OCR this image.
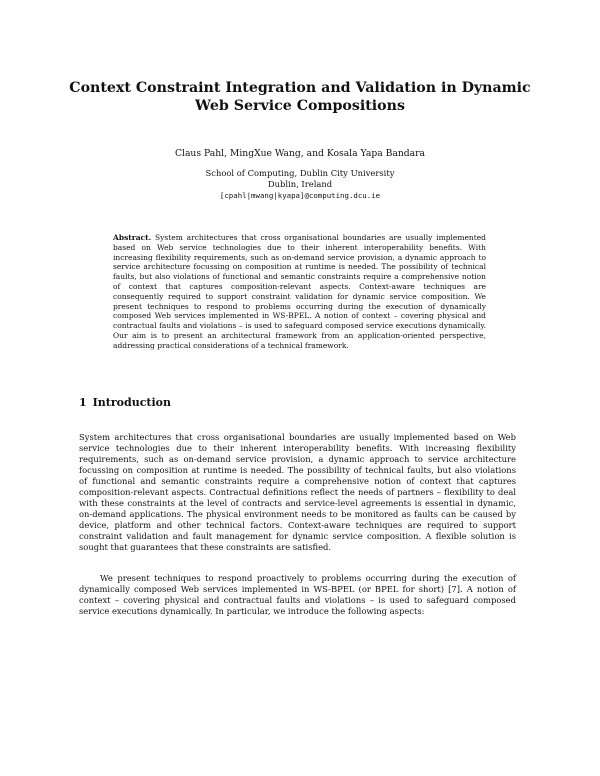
Context Constraint Integration and Validation in Dynamic Web Service Compositions
Claus Pahl, MingXue Wang, and Kosala Yapa Bandara
School of Computing, Dublin City University
Dublin, Ireland
[cpahl|mwang|kyapa]@computing.dcu.ie
Abstract. System architectures that cross organisational boundaries are usually implemented based on Web service technologies due to their inherent interoperability benefits. With increasing flexibility requirements, such as on-demand service provision, a dynamic approach to service architecture focussing on composition at runtime is needed. The possibility of technical faults, but also violations of functional and semantic constraints require a comprehensive notion of context that captures composition-relevant aspects. Context-aware techniques are consequently required to support constraint validation for dynamic service composition. We present techniques to respond to problems occurring during the execution of dynamically composed Web services implemented in WS-BPEL. A notion of context – covering physical and contractual faults and violations – is used to safeguard composed service executions dynamically. Our aim is to present an architectural framework from an application-oriented perspective, addressing practical considerations of a technical framework.
1 Introduction

System architectures that cross organisational boundaries are usually implemented based on Web service technologies due to their inherent interoperability benefits. With increasing flexibility requirements, such as on-demand service provision, a dynamic approach to service architecture focussing on composition at runtime is needed. The possibility of technical faults, but also violations of functional and semantic constraints require a comprehensive notion of context that captures composition-relevant aspects. Contractual definitions reflect the needs of partners – flexibility to deal with these constraints at the level of contracts and service-level agreements is essential in dynamic, on-demand applications. The physical environment needs to be monitored as faults can be caused by device, platform and other technical factors. Context-aware techniques are required to support constraint validation and fault management for dynamic service composition. A flexible solution is sought that guarantees that these constraints are satisfied.

We present techniques to respond proactively to problems occurring during the execution of dynamically composed Web services implemented in WS-BPEL (or BPEL for short) [7]. A notion of context – covering physical and contractual faults and violations – is used to safeguard composed service executions dynamically. In particular, we introduce the following aspects:
